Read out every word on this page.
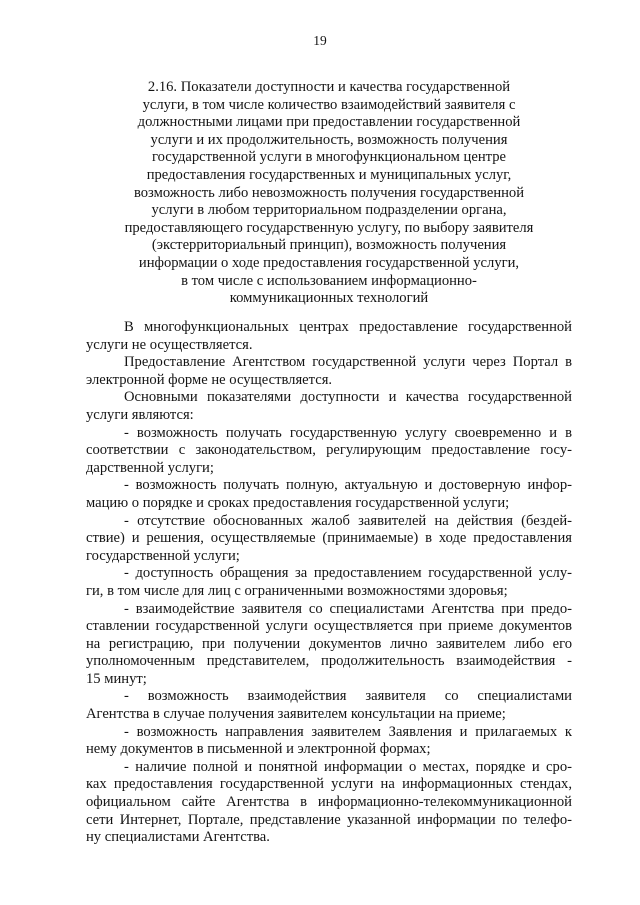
19
2.16. Показатели доступности и качества государственной
услуги, в том числе количество взаимодействий заявителя с
должностными лицами при предоставлении государственной
услуги и их продолжительность, возможность получения
государственной услуги в многофункциональном центре
предоставления государственных и муниципальных услуг,
возможность либо невозможность получения государственной
услуги в любом территориальном подразделении органа,
предоставляющего государственную услугу, по выбору заявителя
(экстерриториальный принцип), возможность получения
информации о ходе предоставления государственной услуги,
в том числе с использованием информационно-
коммуникационных технологий
В многофункциональных центрах предоставление государственной
услуги не осуществляется.
Предоставление Агентством государственной услуги через Портал в
электронной форме не осуществляется.
Основными показателями доступности и качества государственной
услуги являются:
- возможность получать государственную услугу своевременно и в
соответствии с законодательством, регулирующим предоставление госу-
дарственной услуги;
- возможность получать полную, актуальную и достоверную инфор-
мацию о порядке и сроках предоставления государственной услуги;
- отсутствие обоснованных жалоб заявителей на действия (бездей-
ствие) и решения, осуществляемые (принимаемые) в ходе предоставления
государственной услуги;
- доступность обращения за предоставлением государственной услу-
ги, в том числе для лиц с ограниченными возможностями здоровья;
- взаимодействие заявителя со специалистами Агентства при предо-
ставлении государственной услуги осуществляется при приеме документов
на регистрацию, при получении документов лично заявителем либо его
уполномоченным представителем, продолжительность взаимодействия -
15 минут;
- возможность взаимодействия заявителя со специалистами
Агентства в случае получения заявителем консультации на приеме;
- возможность направления заявителем Заявления и прилагаемых к
нему документов в письменной и электронной формах;
- наличие полной и понятной информации о местах, порядке и сро-
ках предоставления государственной услуги на информационных стендах,
официальном сайте Агентства в информационно-телекоммуникационной
сети Интернет, Портале, представление указанной информации по телефо-
ну специалистами Агентства.
